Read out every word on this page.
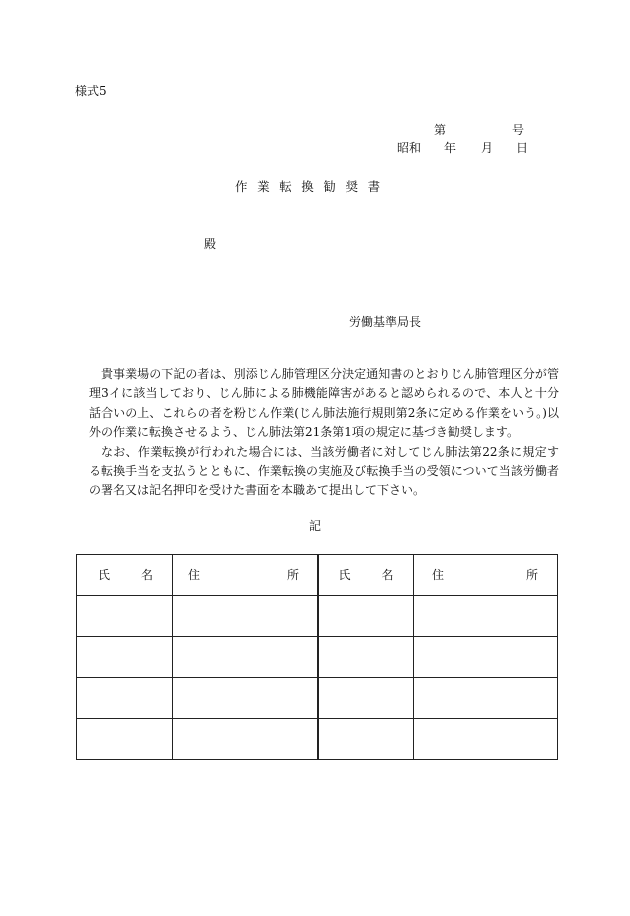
様式5
第	号
昭和 年 月 日
作業転換勧奨書
殿
労働基準局長

貴事業場の下記の者は、別添じん肺管理区分決定通知書のとおりじん肺管理区分が管理3イに該当しており、じん肺による肺機能障害があると認められるので、本人と十分話合いの上、これらの者を粉じん作業(じん肺法施行規則第2条に定める作業をいう。)以外の作業に転換させるよう、じん肺法第21条第1項の規定に基づき勧奨します。

なお、作業転換が行われた場合には、当該労働者に対してじん肺法第22条に規定する転換手当を支払うとともに、作業転換の実施及び転換手当の受領について当該労働者の署名又は記名押印を受けた書面を本職あて提出して下さい。

記
氏 名	住 所	氏 名	住 所
